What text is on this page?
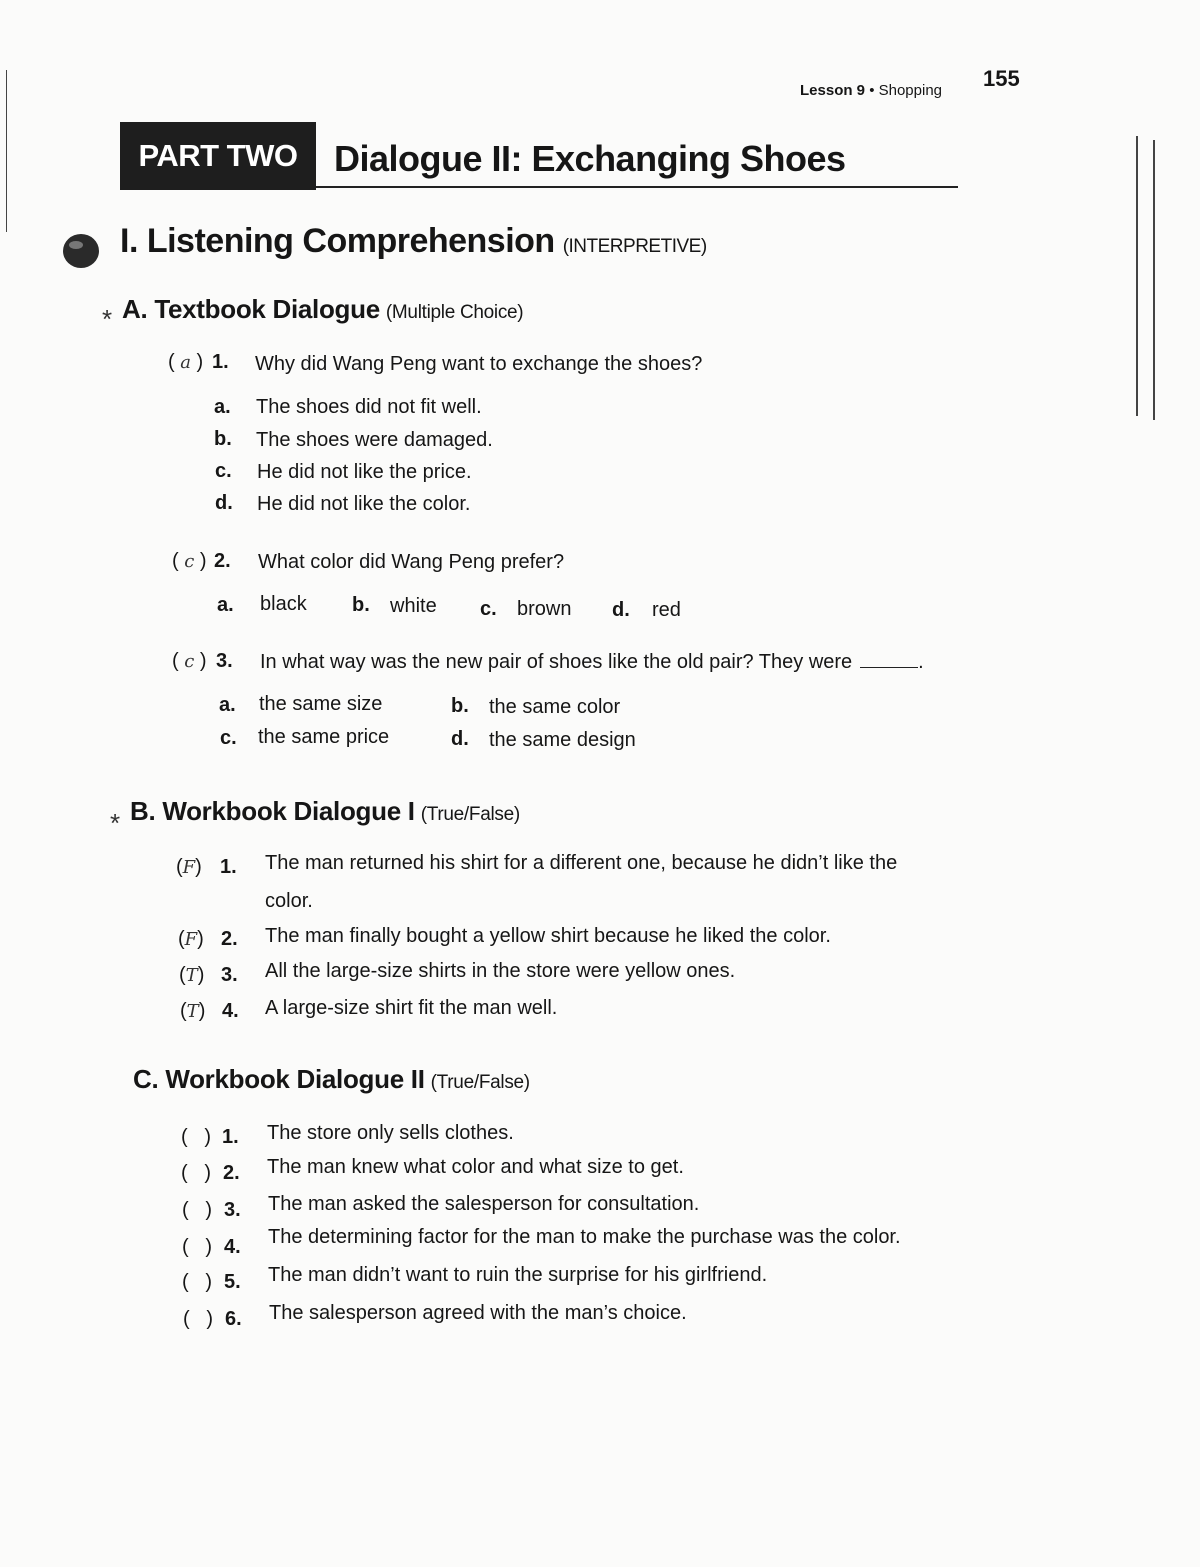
Lesson 9 • Shopping 155
PART TWO	Dialogue II: Exchanging Shoes
I. Listening Comprehension (INTERPRETIVE)
* A. Textbook Dialogue (Multiple Choice)
( a ) 1. Why did Wang Peng want to exchange the shoes?
a. The shoes did not fit well.
b. The shoes were damaged.
c. He did not like the price.
d. He did not like the color.
( c ) 2. What color did Wang Peng prefer?
a. black b. white c. brown d. red
( c ) 3. In what way was the new pair of shoes like the old pair? They were	.
a. the same size	b. the same color
c. the same price	d. the same design
* B. Workbook Dialogue I (True/False)
(F) 1. The man returned his shirt for a different one, because he didn’t like the
color.
(F) 2. The man finally bought a yellow shirt because he liked the color.
(T) 3. All the large-size shirts in the store were yellow ones.
(T) 4. A large-size shirt fit the man well.
C. Workbook Dialogue II (True/False)
(   ) 1. The store only sells clothes.
(   ) 2. The man knew what color and what size to get.
(   ) 3. The man asked the salesperson for consultation.
(   ) 4. The determining factor for the man to make the purchase was the color.
(   ) 5. The man didn’t want to ruin the surprise for his girlfriend.
(   ) 6. The salesperson agreed with the man’s choice.
